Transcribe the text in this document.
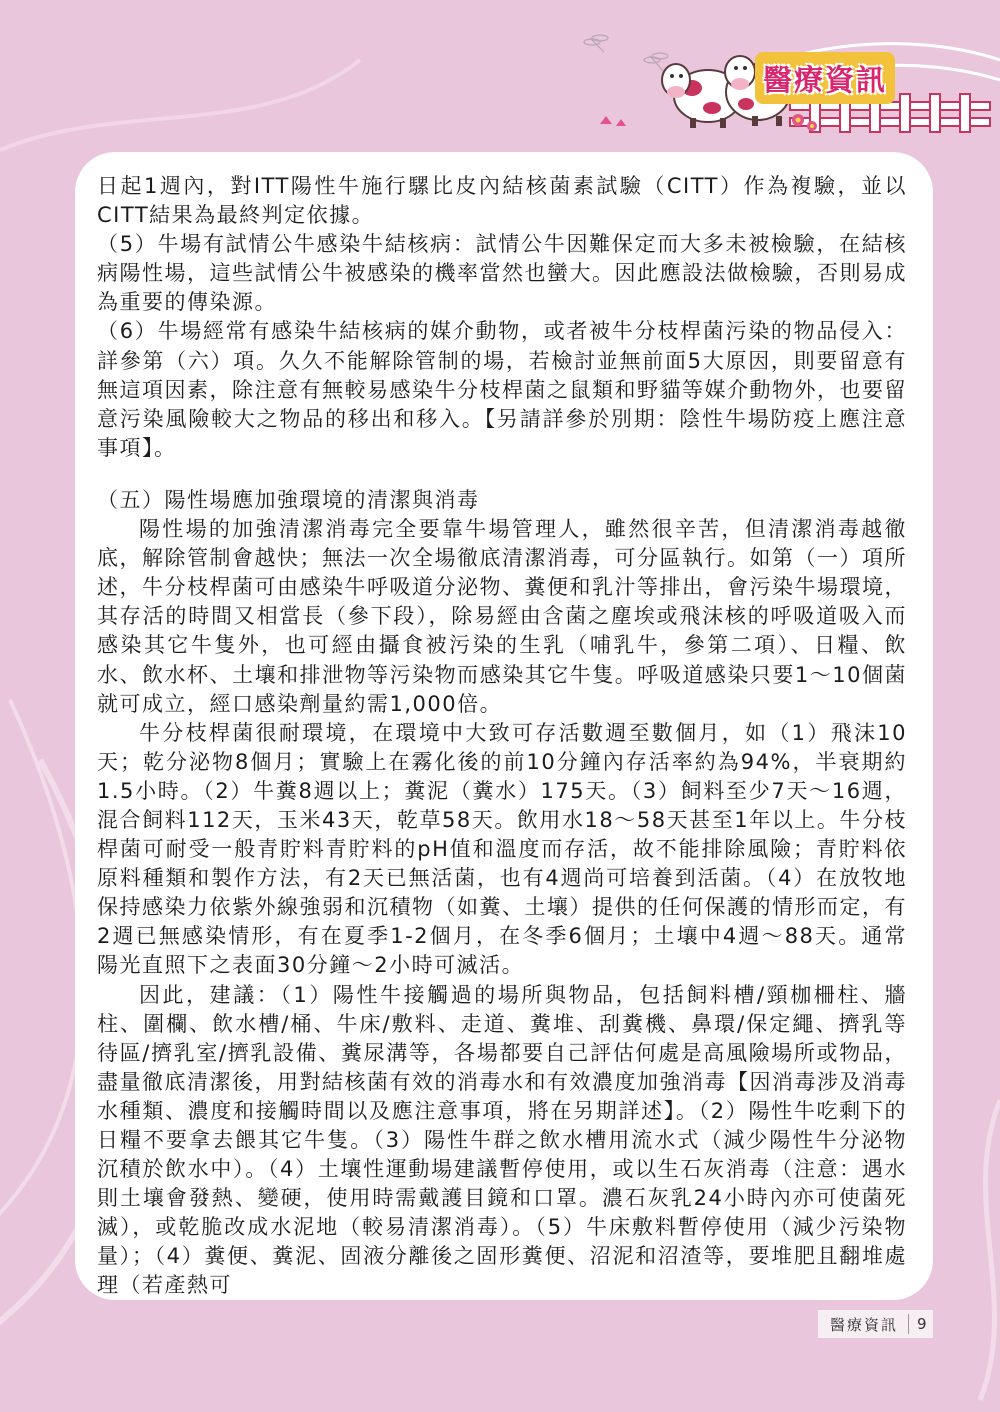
醫療資訊

日起1週內，對ITT陽性牛施行騾比皮內結核菌素試驗（CITT）作為複驗，並以CITT結果為最終判定依據。

（5）牛場有試情公牛感染牛結核病：試情公牛因難保定而大多未被檢驗，在結核病陽性場，這些試情公牛被感染的機率當然也蠻大。因此應設法做檢驗，否則易成為重要的傳染源。

（6）牛場經常有感染牛結核病的媒介動物，或者被牛分枝桿菌污染的物品侵入：詳參第（六）項。久久不能解除管制的場，若檢討並無前面5大原因，則要留意有無這項因素，除注意有無較易感染牛分枝桿菌之鼠類和野貓等媒介動物外，也要留意污染風險較大之物品的移出和移入。【另請詳參於別期：陰性牛場防疫上應注意事項】。

（五）陽性場應加強環境的清潔與消毒

陽性場的加強清潔消毒完全要靠牛場管理人，雖然很辛苦，但清潔消毒越徹底，解除管制會越快；無法一次全場徹底清潔消毒，可分區執行。如第（一）項所述，牛分枝桿菌可由感染牛呼吸道分泌物、糞便和乳汁等排出，會污染牛場環境，其存活的時間又相當長（參下段），除易經由含菌之塵埃或飛沫核的呼吸道吸入而感染其它牛隻外，也可經由攝食被污染的生乳（哺乳牛，參第二項）、日糧、飲水、飲水杯、土壤和排泄物等污染物而感染其它牛隻。呼吸道感染只要1～10個菌就可成立，經口感染劑量約需1,000倍。

牛分枝桿菌很耐環境，在環境中大致可存活數週至數個月，如（1）飛沫10天；乾分泌物8個月；實驗上在霧化後的前10分鐘內存活率約為94%，半衰期約1.5小時。（2）牛糞8週以上；糞泥（糞水）175天。（3）飼料至少7天～16週，混合飼料112天，玉米43天，乾草58天。飲用水18～58天甚至1年以上。牛分枝桿菌可耐受一般青貯料青貯料的pH值和溫度而存活，故不能排除風險；青貯料依原料種類和製作方法，有2天已無活菌，也有4週尚可培養到活菌。（4）在放牧地保持感染力依紫外線強弱和沉積物（如糞、土壤）提供的任何保護的情形而定，有2週已無感染情形，有在夏季1-2個月，在冬季6個月；土壤中4週～88天。通常陽光直照下之表面30分鐘～2小時可滅活。

因此，建議：（1）陽性牛接觸過的場所與物品，包括飼料槽/頸枷柵柱、牆柱、圍欄、飲水槽/桶、牛床/敷料、走道、糞堆、刮糞機、鼻環/保定繩、擠乳等待區/擠乳室/擠乳設備、糞尿溝等，各場都要自己評估何處是高風險場所或物品，盡量徹底清潔後，用對結核菌有效的消毒水和有效濃度加強消毒【因消毒涉及消毒水種類、濃度和接觸時間以及應注意事項，將在另期詳述】。（2）陽性牛吃剩下的日糧不要拿去餵其它牛隻。（3）陽性牛群之飲水槽用流水式（減少陽性牛分泌物沉積於飲水中）。（4）土壤性運動場建議暫停使用，或以生石灰消毒（注意：遇水則土壤會發熱、變硬，使用時需戴護目鏡和口罩。濃石灰乳24小時內亦可使菌死滅），或乾脆改成水泥地（較易清潔消毒）。（5）牛床敷料暫停使用（減少污染物量）；（4）糞便、糞泥、固液分離後之固形糞便、沼泥和沼渣等，要堆肥且翻堆處理（若產熱可

醫療資訊	9
